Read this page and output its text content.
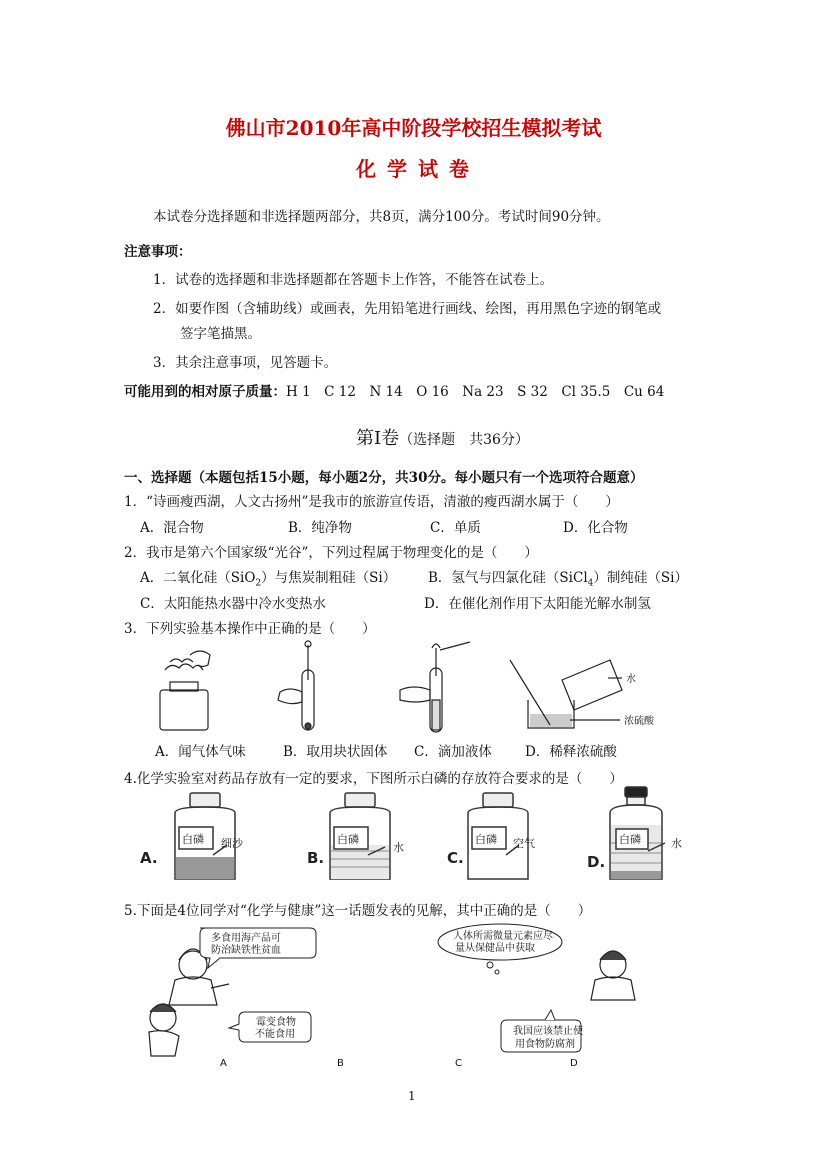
佛山市2010年高中阶段学校招生模拟考试
化 学 试 卷
本试卷分选择题和非选择题两部分，共8页，满分100分。考试时间90分钟。
注意事项：
1．试卷的选择题和非选择题都在答题卡上作答，不能答在试卷上。
2．如要作图（含辅助线）或画表，先用铅笔进行画线、绘图，再用黑色字迹的钢笔或
签字笔描黑。
3．其余注意事项，见答题卡。
可能用到的相对原子质量：H 1　C 12　N 14　O 16　Na 23　S 32　Cl 35.5　Cu 64
第Ⅰ卷（选择题　共36分）
一、选择题（本题包括15小题，每小题2分，共30分。每小题只有一个选项符合题意）
1．“诗画瘦西湖，人文古扬州”是我市的旅游宣传语，清澈的瘦西湖水属于（　　）
A．混合物	B．纯净物	C．单质	D．化合物
2．我市是第六个国家级“光谷”，下列过程属于物理变化的是（　　）
A．二氧化硅（SiO$_2$）与焦炭制粗硅（Si） B．氢气与四氯化硅（SiCl$_4$）制纯硅（Si）
C．太阳能热水器中冷水变热水	D．在催化剂作用下太阳能光解水制氢
3．下列实验基本操作中正确的是（　　）
水
浓硫酸
A．闻气体气味	B．取用块状固体 C．滴加液体 D．稀释浓硫酸
4.化学实验室对药品存放有一定的要求，下图所示白磷的存放符合要求的是（　　）
A.
白磷 细沙
B.
白磷
水
C.
白磷 空气
D.
白磷	水
5.下面是4位同学对“化学与健康”这一话题发表的见解，其中正确的是（　　）
多食用海产品可
防治缺铁性贫血
人体所需微量元素应尽
量从保健品中获取
霉变食物
不能食用	我国应该禁止使
用食物防腐剂
A	B	C	D
1
